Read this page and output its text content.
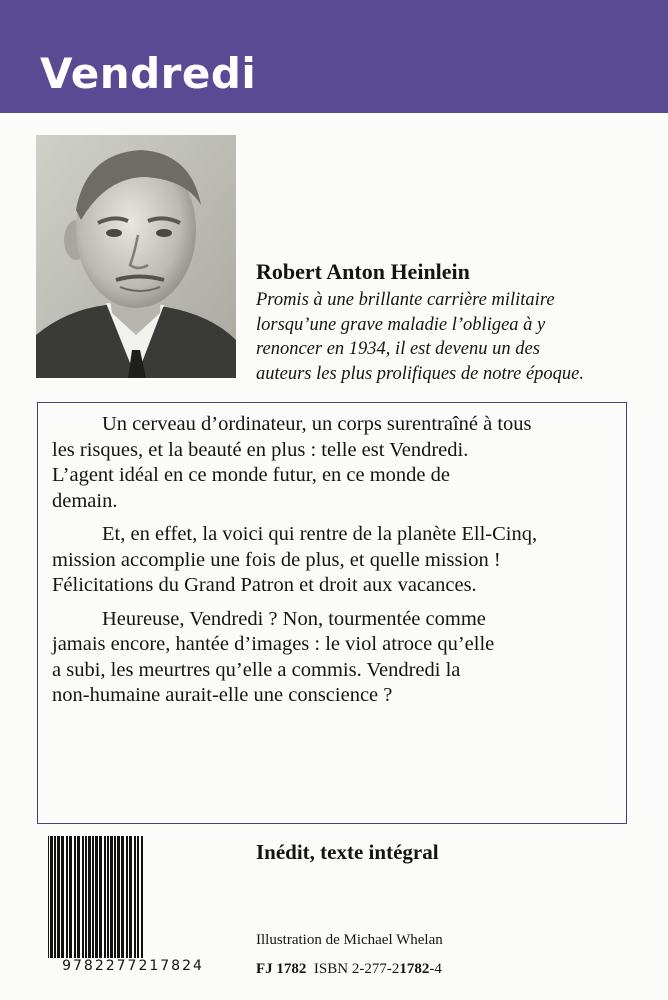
Vendredi
Robert Anton Heinlein
Promis à une brillante carrière militaire
lorsqu’une grave maladie l’obligea à y
renoncer en 1934, il est devenu un des
auteurs les plus prolifiques de notre époque.
Un cerveau d’ordinateur, un corps surentraîné à tous
les risques, et la beauté en plus : telle est Vendredi.
L’agent idéal en ce monde futur, en ce monde de
demain.
Et, en effet, la voici qui rentre de la planète Ell-Cinq,
mission accomplie une fois de plus, et quelle mission !
Félicitations du Grand Patron et droit aux vacances.
Heureuse, Vendredi ? Non, tourmentée comme
jamais encore, hantée d’images : le viol atroce qu’elle
a subi, les meurtres qu’elle a commis. Vendredi la
non-humaine aurait-elle une conscience ?
9782277217824
Inédit, texte intégral
Illustration de Michael Whelan
FJ 1782 ISBN 2-277-21782-4
